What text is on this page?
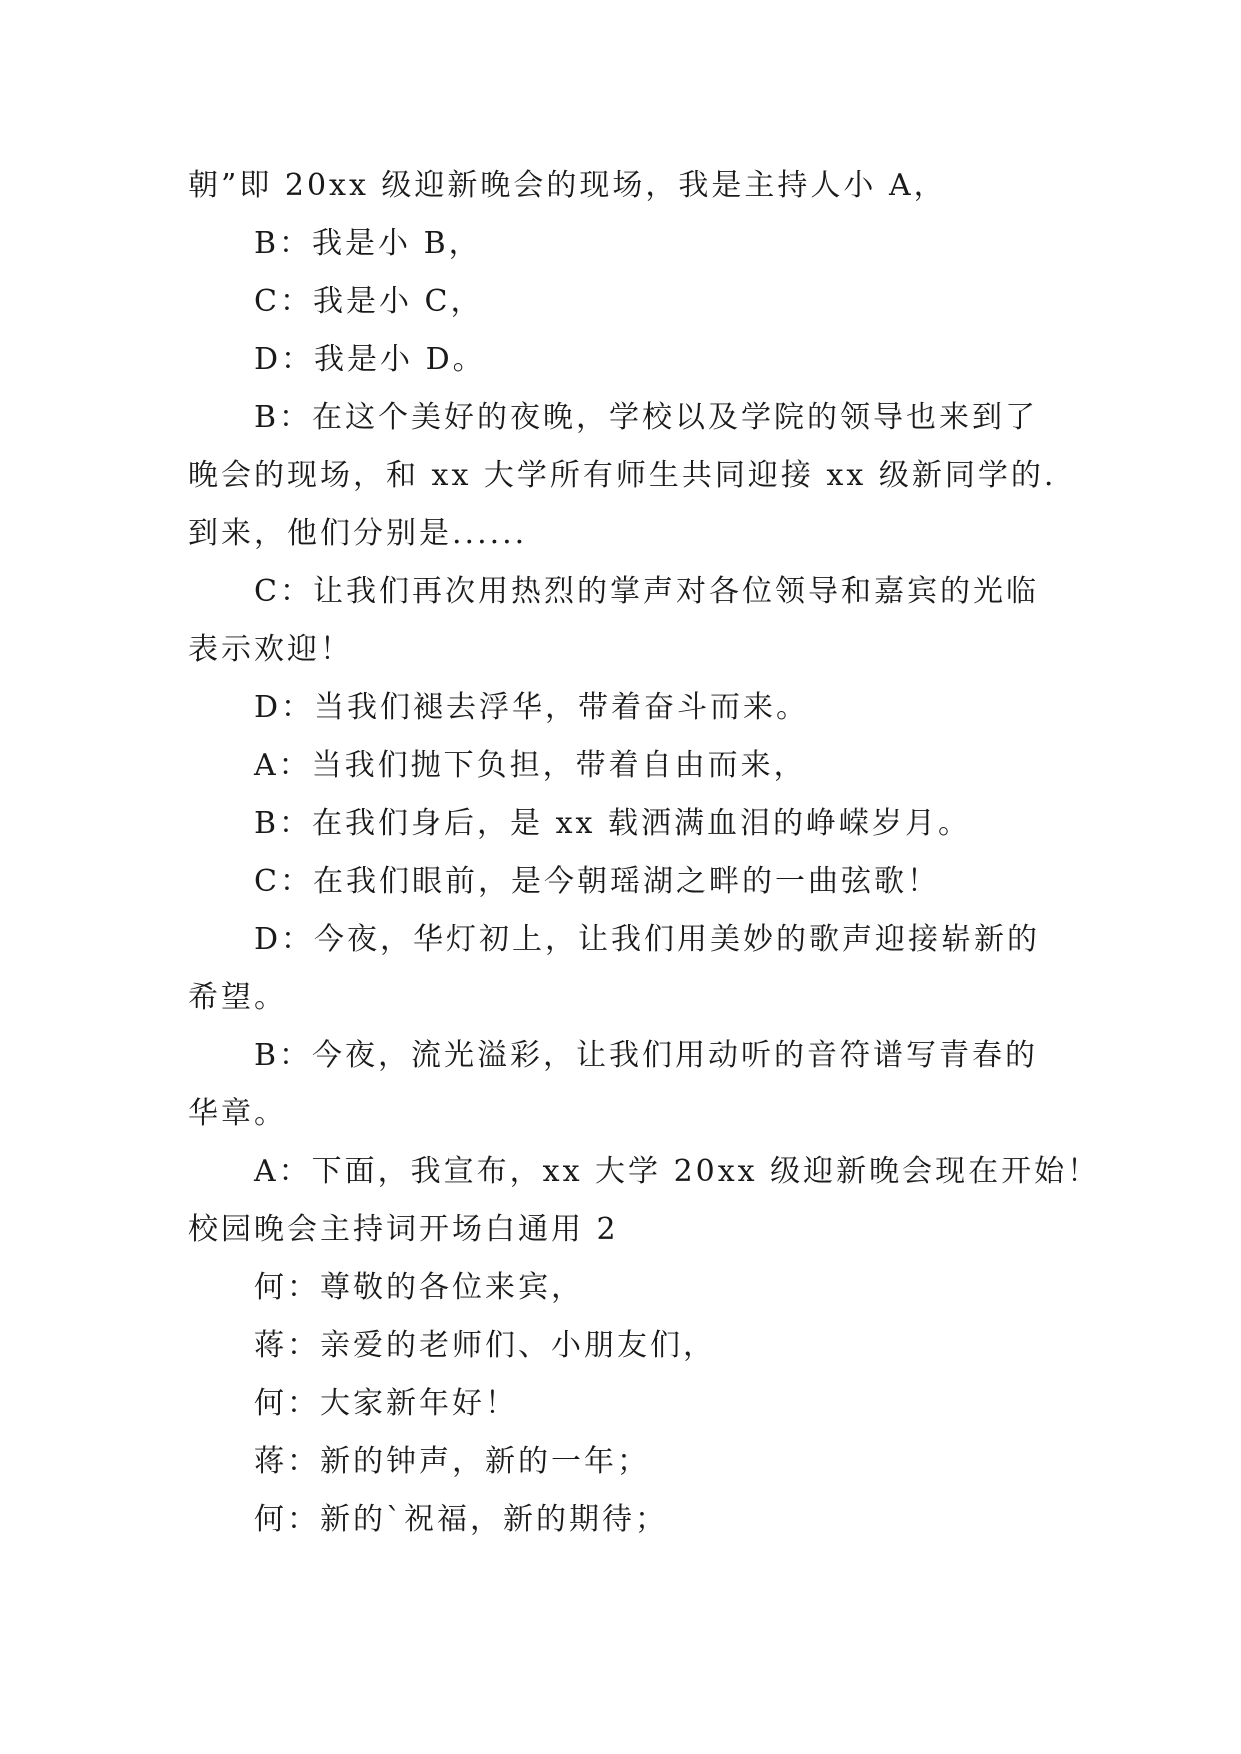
朝”即 20xx 级迎新晚会的现场，我是主持人小 A，
B：我是小 B，
C：我是小 C，
D：我是小 D。
B：在这个美好的夜晚，学校以及学院的领导也来到了
晚会的现场，和 xx 大学所有师生共同迎接 xx 级新同学的.
到来，他们分别是......
C：让我们再次用热烈的掌声对各位领导和嘉宾的光临
表示欢迎！
D：当我们褪去浮华，带着奋斗而来。
A：当我们抛下负担，带着自由而来，
B：在我们身后，是 xx 载洒满血泪的峥嵘岁月。
C：在我们眼前，是今朝瑶湖之畔的一曲弦歌！
D：今夜，华灯初上，让我们用美妙的歌声迎接崭新的
希望。
B：今夜，流光溢彩，让我们用动听的音符谱写青春的
华章。
A：下面，我宣布，xx 大学 20xx 级迎新晚会现在开始！
校园晚会主持词开场白通用 2
何：尊敬的各位来宾，
蒋：亲爱的老师们、小朋友们，
何：大家新年好！
蒋：新的钟声，新的一年；
何：新的`祝福，新的期待；
